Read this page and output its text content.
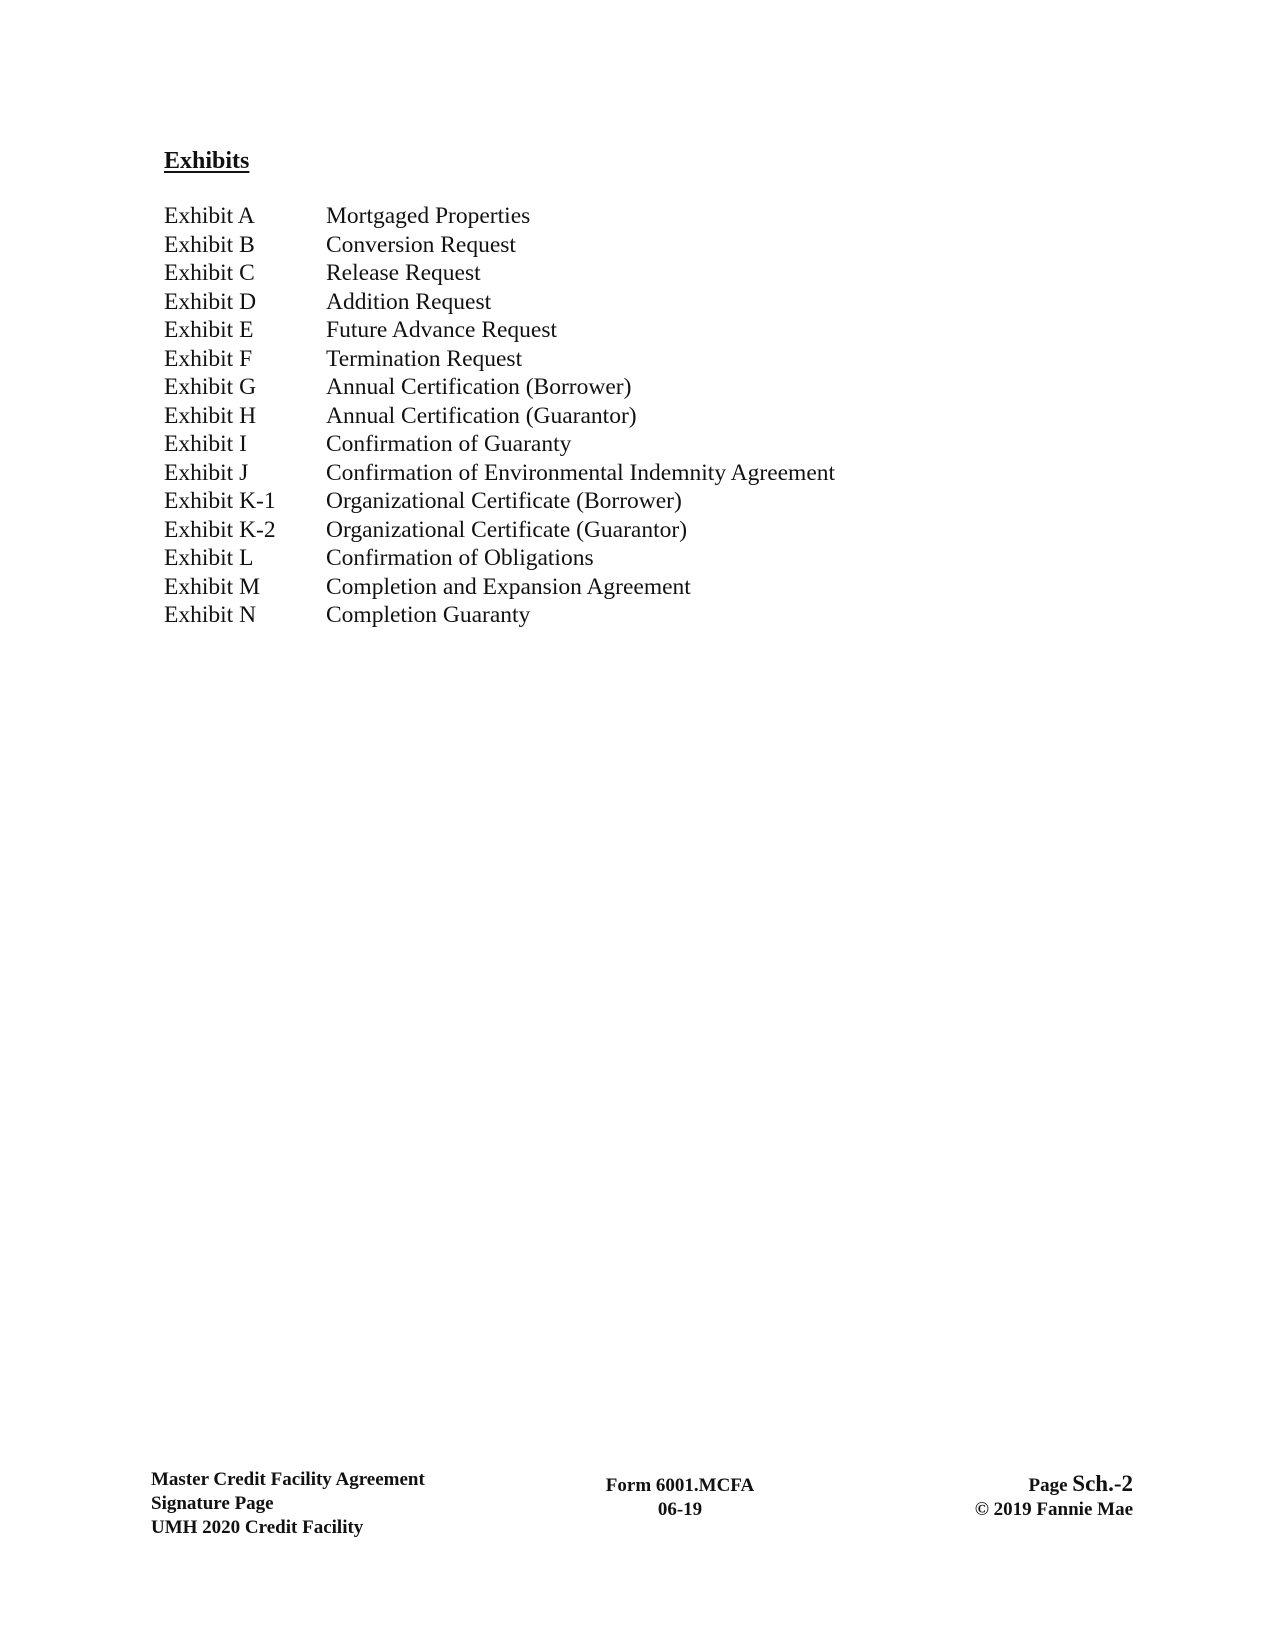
Exhibits
Exhibit A	Mortgaged Properties
Exhibit B	Conversion Request
Exhibit C	Release Request
Exhibit D	Addition Request
Exhibit E	Future Advance Request
Exhibit F	Termination Request
Exhibit G	Annual Certification (Borrower)
Exhibit H	Annual Certification (Guarantor)
Exhibit I	Confirmation of Guaranty
Exhibit J	Confirmation of Environmental Indemnity Agreement
Exhibit K-1 Organizational Certificate (Borrower)
Exhibit K-2 Organizational Certificate (Guarantor)
Exhibit L	Confirmation of Obligations
Exhibit M	Completion and Expansion Agreement
Exhibit N	Completion Guaranty
Master Credit Facility Agreement
Signature Page
UMH 2020 Credit Facility
Form 6001.MCFA
06-19
Page Sch.-2
© 2019 Fannie Mae
